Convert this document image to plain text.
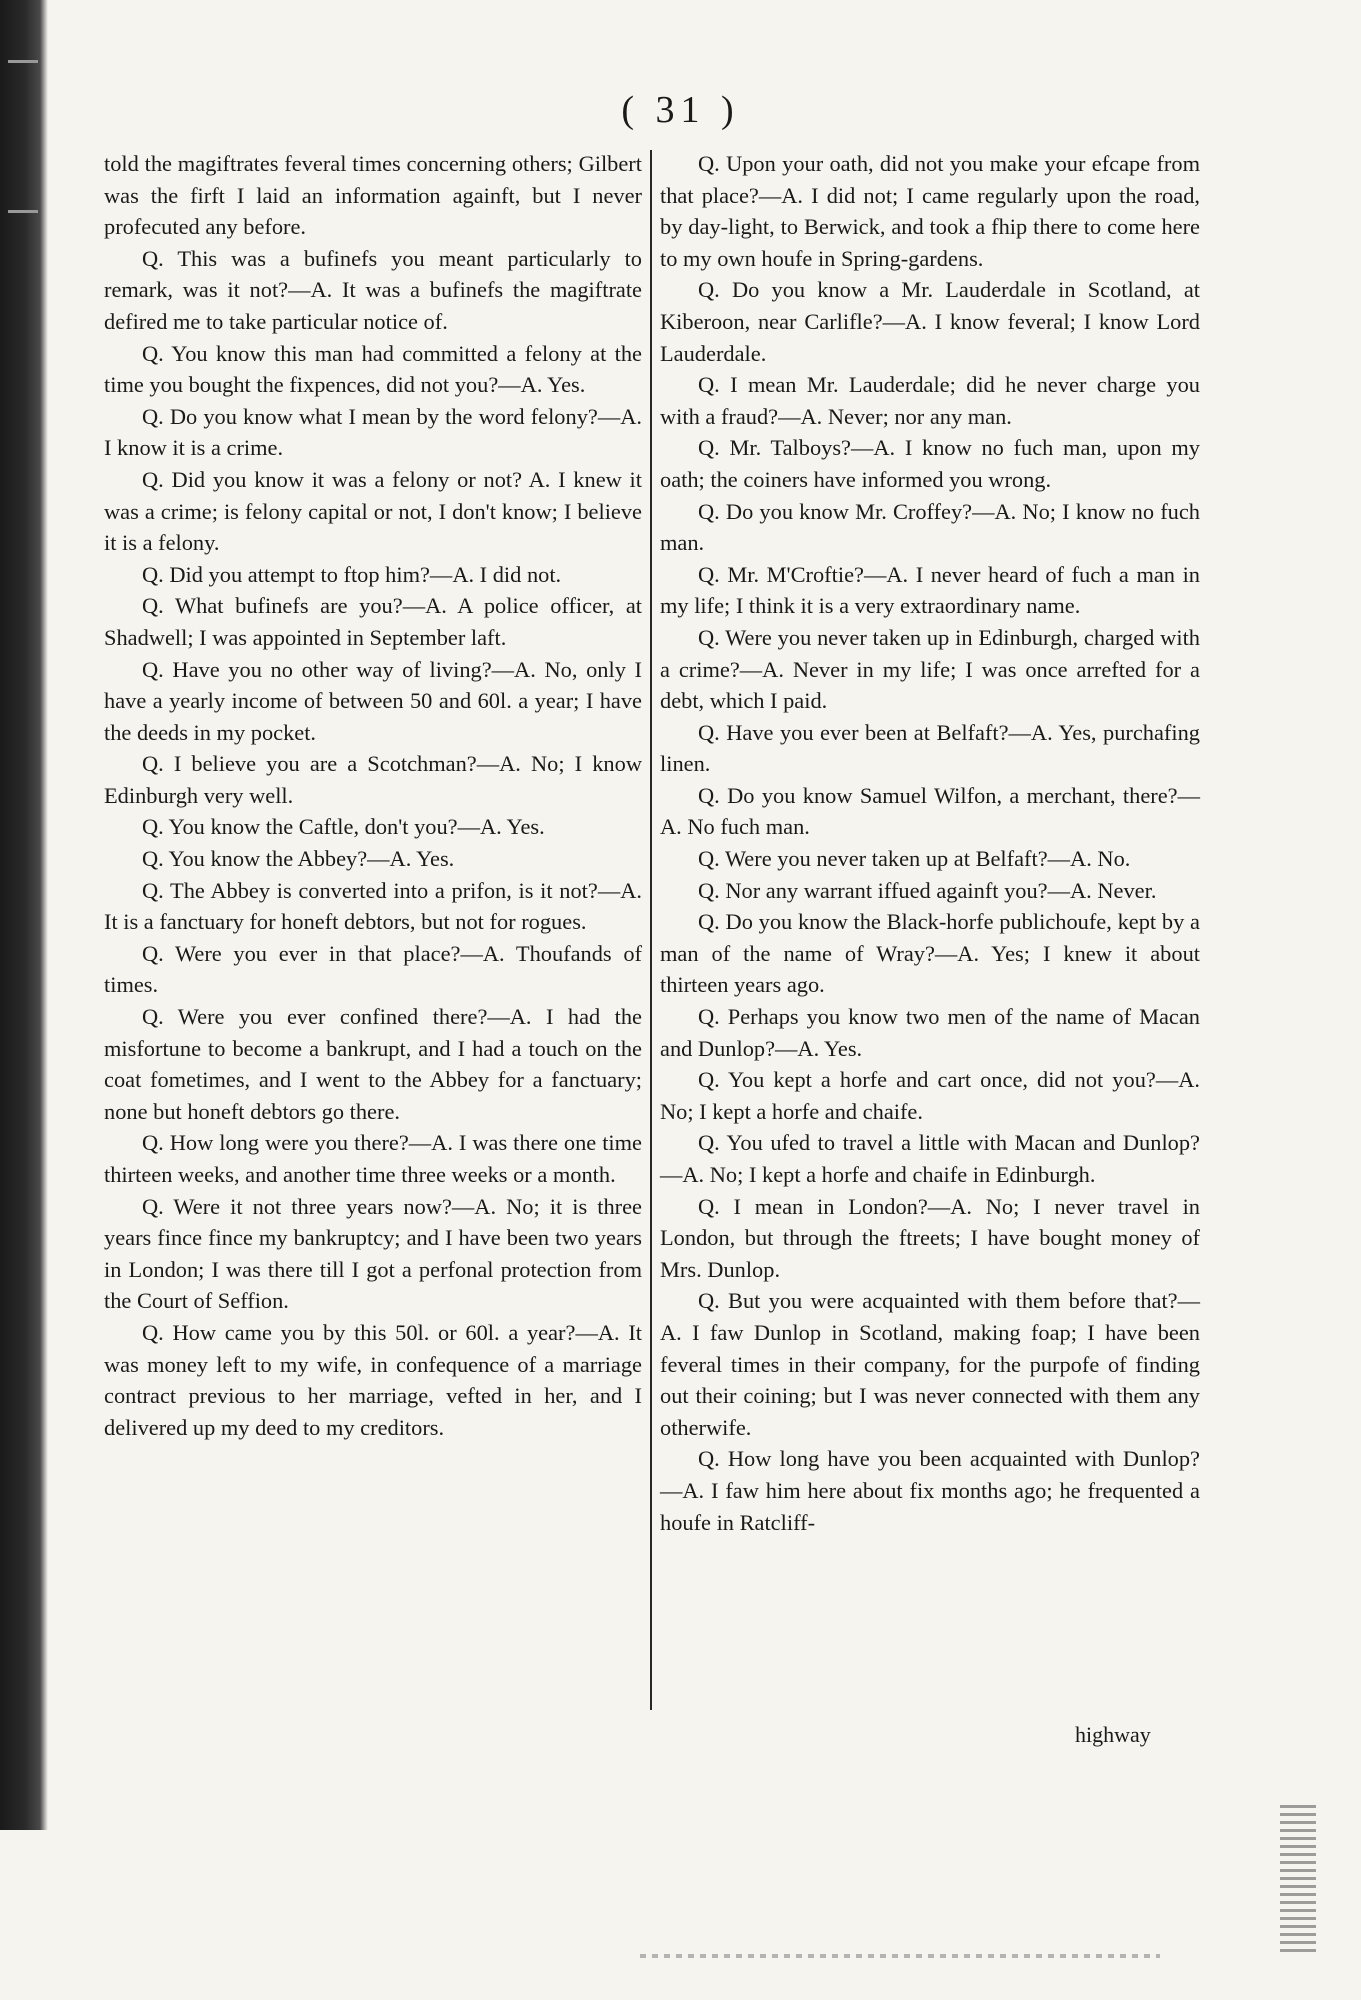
( 31 )

told the magiftrates feveral times concerning others; Gilbert was the firft I laid an information againft, but I never profecuted any before.

Q. This was a bufinefs you meant particularly to remark, was it not?—A. It was a bufinefs the magiftrate defired me to take particular notice of.

Q. You know this man had committed a felony at the time you bought the fixpences, did not you?—A. Yes.

Q. Do you know what I mean by the word felony?—A. I know it is a crime.

Q. Did you know it was a felony or not? A. I knew it was a crime; is felony capital or not, I don't know; I believe it is a felony.

Q. Did you attempt to ftop him?—A. I did not.

Q. What bufinefs are you?—A. A police officer, at Shadwell; I was appointed in September laft.

Q. Have you no other way of living?—A. No, only I have a yearly income of between 50 and 60l. a year; I have the deeds in my pocket.

Q. I believe you are a Scotchman?—A. No; I know Edinburgh very well.

Q. You know the Caftle, don't you?—A. Yes.

Q. You know the Abbey?—A. Yes.

Q. The Abbey is converted into a prifon, is it not?—A. It is a fanctuary for honeft debtors, but not for rogues.

Q. Were you ever in that place?—A. Thoufands of times.

Q. Were you ever confined there?—A. I had the misfortune to become a bankrupt, and I had a touch on the coat fometimes, and I went to the Abbey for a fanctuary; none but honeft debtors go there.

Q. How long were you there?—A. I was there one time thirteen weeks, and another time three weeks or a month.

Q. Were it not three years now?—A. No; it is three years fince fince my bankruptcy; and I have been two years in London; I was there till I got a perfonal protection from the Court of Seffion.

Q. How came you by this 50l. or 60l. a year?—A. It was money left to my wife, in confequence of a marriage contract previous to her marriage, vefted in her, and I delivered up my deed to my creditors.

Q. Upon your oath, did not you make your efcape from that place?—A. I did not; I came regularly upon the road, by day-light, to Berwick, and took a fhip there to come here to my own houfe in Spring-gardens.

Q. Do you know a Mr. Lauderdale in Scotland, at Kiberoon, near Carlifle?—A. I know feveral; I know Lord Lauderdale.

Q. I mean Mr. Lauderdale; did he never charge you with a fraud?—A. Never; nor any man.

Q. Mr. Talboys?—A. I know no fuch man, upon my oath; the coiners have informed you wrong.

Q. Do you know Mr. Croffey?—A. No; I know no fuch man.

Q. Mr. M'Croftie?—A. I never heard of fuch a man in my life; I think it is a very extraordinary name.

Q. Were you never taken up in Edinburgh, charged with a crime?—A. Never in my life; I was once arrefted for a debt, which I paid.

Q. Have you ever been at Belfaft?—A. Yes, purchafing linen.

Q. Do you know Samuel Wilfon, a merchant, there?—A. No fuch man.

Q. Were you never taken up at Belfaft?—A. No.

Q. Nor any warrant iffued againft you?—A. Never.

Q. Do you know the Black-horfe publichoufe, kept by a man of the name of Wray?—A. Yes; I knew it about thirteen years ago.

Q. Perhaps you know two men of the name of Macan and Dunlop?—A. Yes.

Q. You kept a horfe and cart once, did not you?—A. No; I kept a horfe and chaife.

Q. You ufed to travel a little with Macan and Dunlop?—A. No; I kept a horfe and chaife in Edinburgh.

Q. I mean in London?—A. No; I never travel in London, but through the ftreets; I have bought money of Mrs. Dunlop.

Q. But you were acquainted with them before that?—A. I faw Dunlop in Scotland, making foap; I have been feveral times in their company, for the purpofe of finding out their coining; but I was never connected with them any otherwife.

Q. How long have you been acquainted with Dunlop?—A. I faw him here about fix months ago; he frequented a houfe in Ratcliff-

highway
